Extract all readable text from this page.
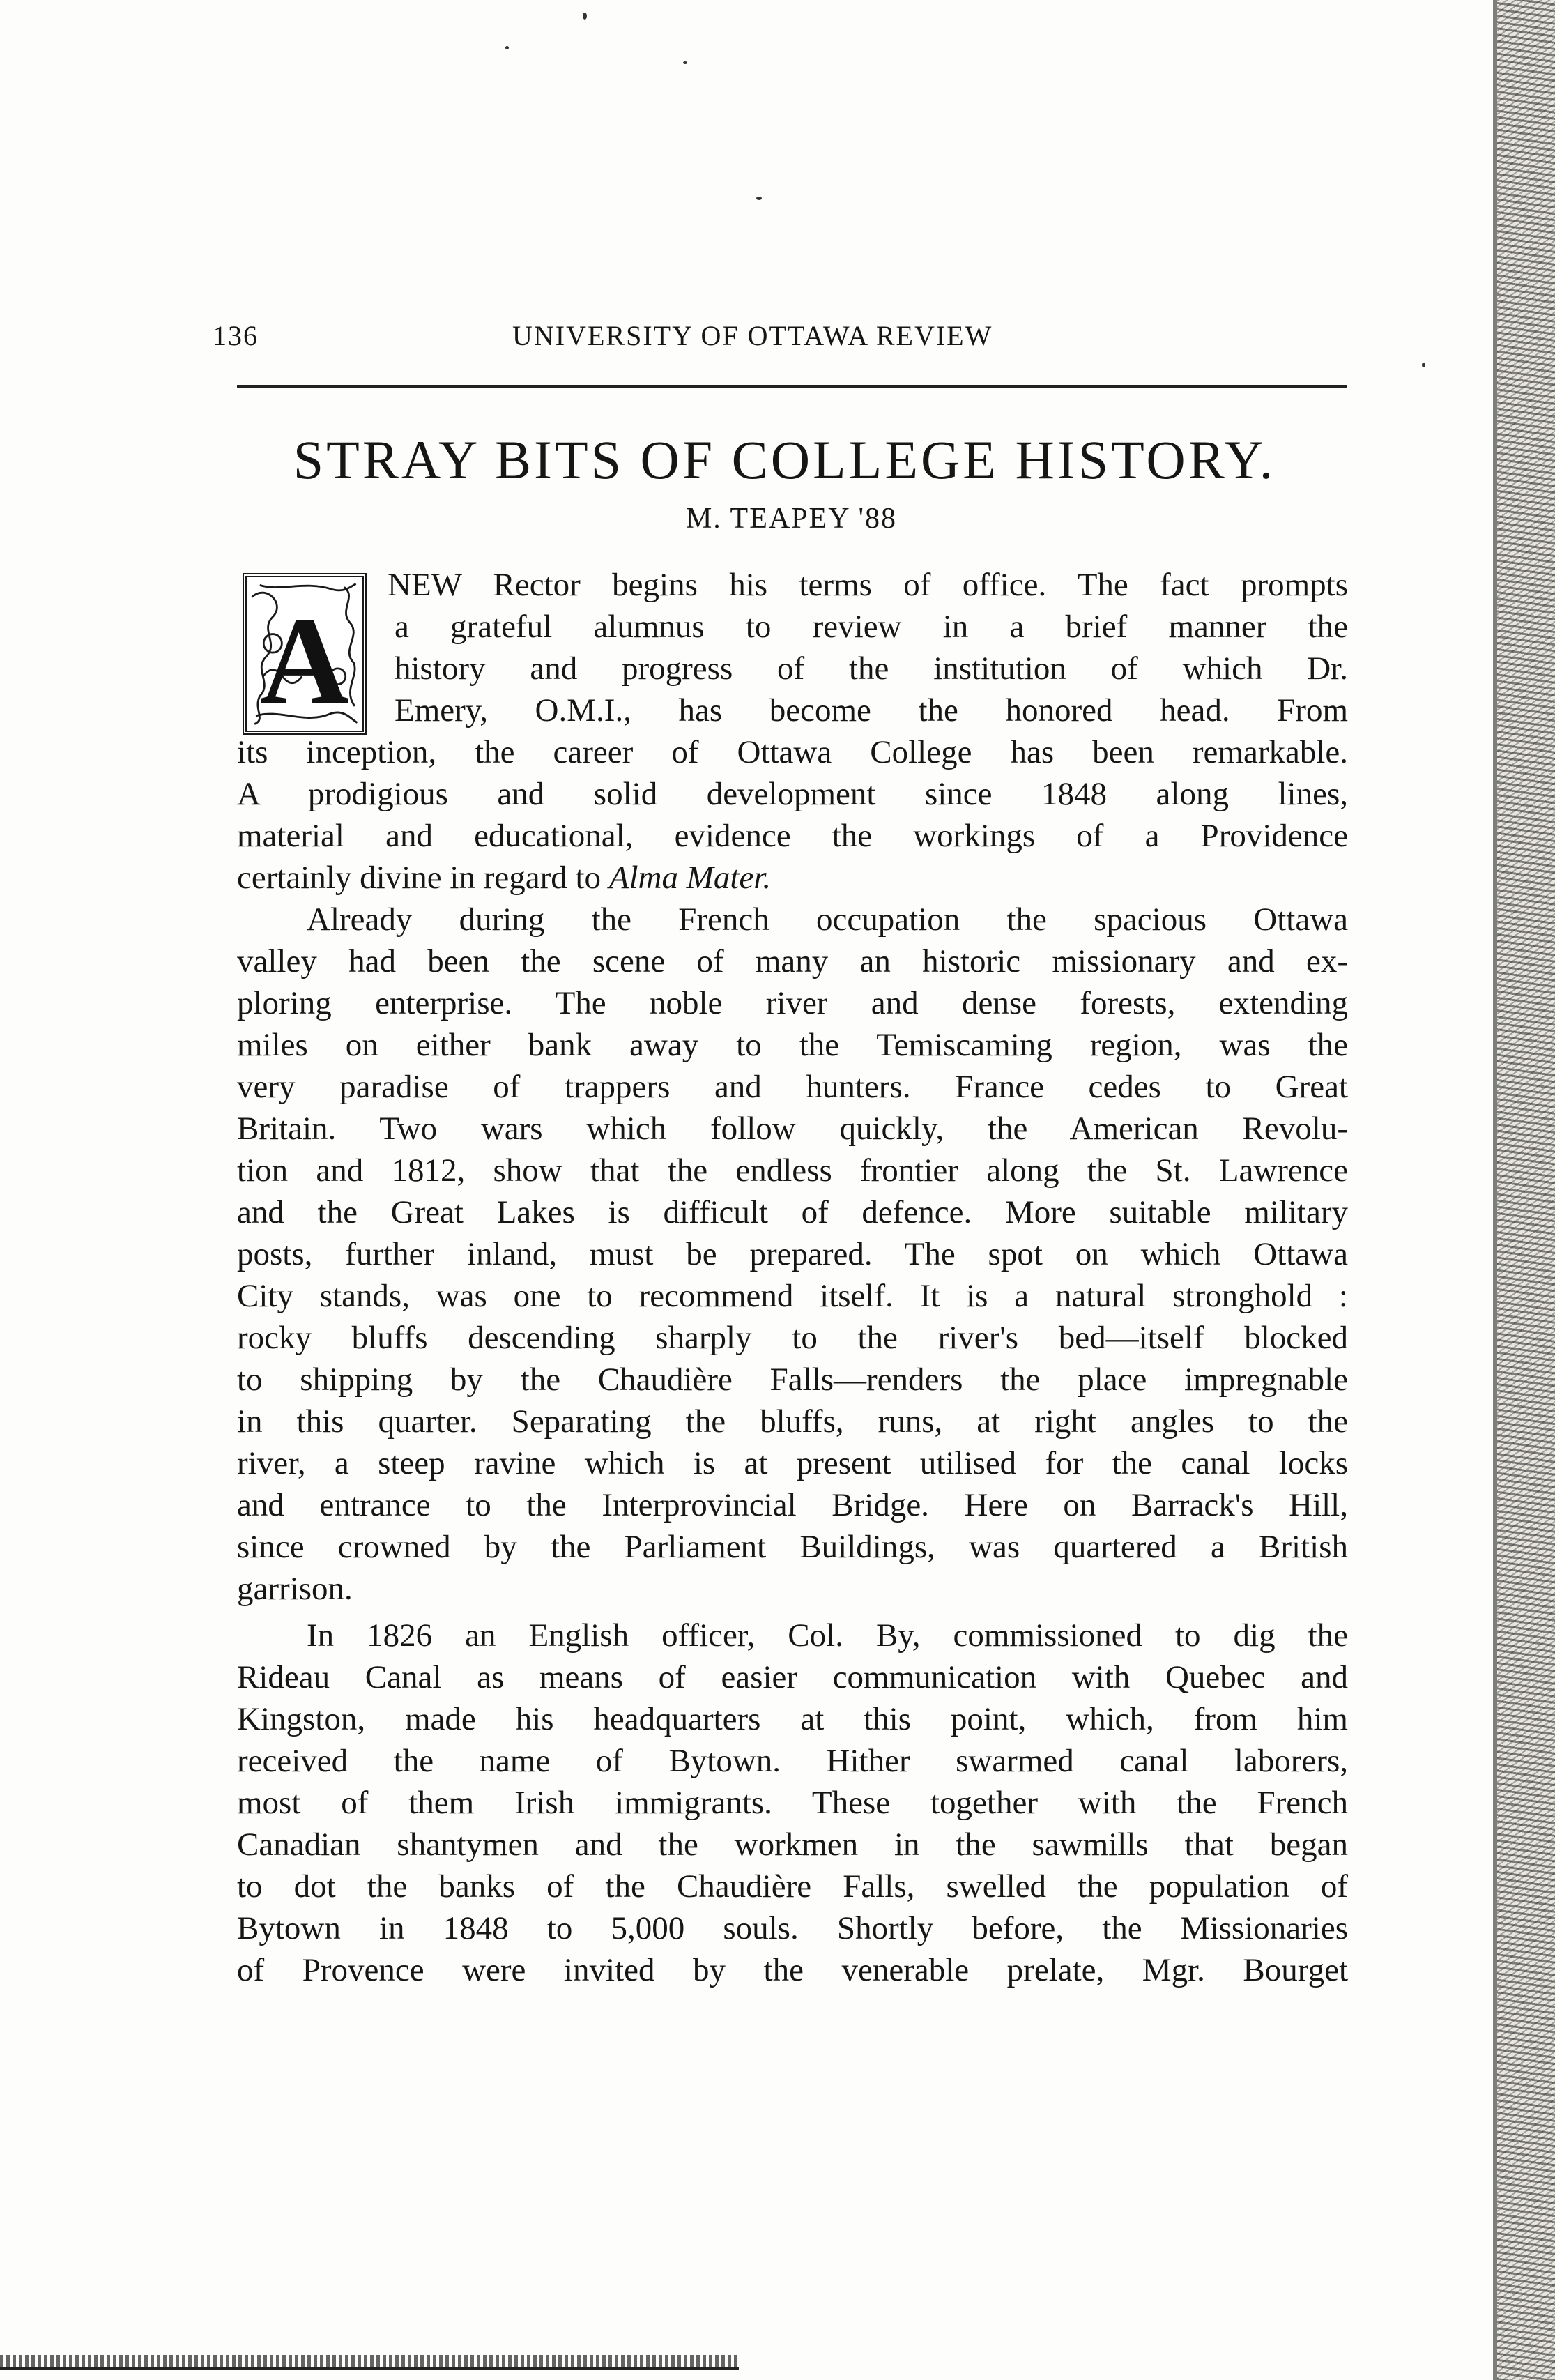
136	UNIVERSITY OF OTTAWA REVIEW
STRAY BITS OF COLLEGE HISTORY.
M. TEAPEY '88
A
NEW Rector begins his terms of office. The fact prompts
a grateful alumnus to review in a brief manner the
history and progress of the institution of which Dr.
Emery, O.M.I., has become the honored head. From
its inception, the career of Ottawa College has been remarkable.
A prodigious and solid development since 1848 along lines,
material and educational, evidence the workings of a Providence
certainly divine in regard to Alma Mater.
Already during the French occupation the spacious Ottawa
valley had been the scene of many an historic missionary and ex-
ploring enterprise. The noble river and dense forests, extending
miles on either bank away to the Temiscaming region, was the
very paradise of trappers and hunters. France cedes to Great
Britain. Two wars which follow quickly, the American Revolu-
tion and 1812, show that the endless frontier along the St. Lawrence
and the Great Lakes is difficult of defence. More suitable military
posts, further inland, must be prepared. The spot on which Ottawa
City stands, was one to recommend itself. It is a natural stronghold :
rocky bluffs descending sharply to the river's bed—itself blocked
to shipping by the Chaudière Falls—renders the place impregnable
in this quarter. Separating the bluffs, runs, at right angles to the
river, a steep ravine which is at present utilised for the canal locks
and entrance to the Interprovincial Bridge. Here on Barrack's Hill,
since crowned by the Parliament Buildings, was quartered a British
garrison.
In 1826 an English officer, Col. By, commissioned to dig the
Rideau Canal as means of easier communication with Quebec and
Kingston, made his headquarters at this point, which, from him
received the name of Bytown. Hither swarmed canal laborers,
most of them Irish immigrants. These together with the French
Canadian shantymen and the workmen in the sawmills that began
to dot the banks of the Chaudière Falls, swelled the population of
Bytown in 1848 to 5,000 souls. Shortly before, the Missionaries
of Provence were invited by the venerable prelate, Mgr. Bourget
